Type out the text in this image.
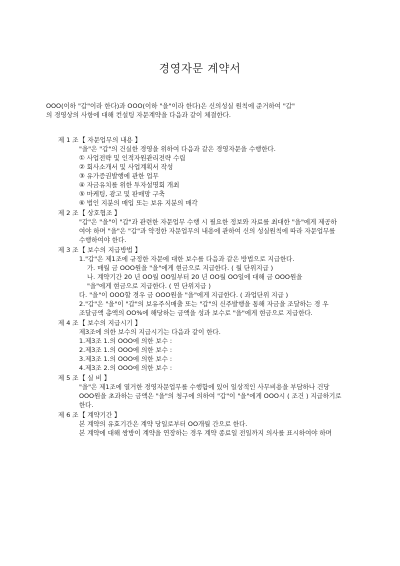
경영자문 계약서

OOO(이하 "갑"이라 한다)과 OOO(이하 "을"이라 한다)은 신의성실 원칙에 준거하여 "갑"

의 경영상의 사항에 대해 컨설팅 자문계약을 다음과 같이 체결한다.

제 1 조 【 자문업무의 내용 】

"을"은 "갑"의 건실한 경영을 위하여 다음과 같은 경영자문을 수행한다.

① 사업전략 및 인적자원관리전략 수립

② 회사소개서 및 사업계획서 작성

③ 유가증권발행에 관한 업무

④ 자금유치를 위한 투자설명회 개최

⑤ 마케팅, 광고 및 판매망 구축

⑥ 법인 지분의 매입 또는 보유 지분의 매각

제 2 조 【 상호협조 】

"갑"은 "을"이 "갑"과 관련한 자문업무 수행 시 필요한 정보와 자료를 최대한 "을"에게 제공하

여야 하며 "을"은 "갑"과 약정한 자문업무의 내용에 관하여 신의 성실원칙에 따라 자문업무를

수행하여야 한다.

제 3 조 【 보수의 지급방법 】

1."갑"은 제1조에 규정한 자문에 대한 보수를 다음과 같은 방법으로 지급한다.

가. 매월 금 OOO원을 "을"에게 현금으로 지급한다. ( 월 단위지급 )

나. 계약기간 20 년 OO월 OO일부터 20 년 OO월 OO일에 대해 금 OOO원을

"을"에게 현금으로 지급한다. ( 연 단위지급 )

다. "을"이 OOO할 경우 금 OOO원을 "을"에게 지급한다. ( 과업단위 지급 )

2."갑"은 "을"이 "갑"의 보유주식매출 또는 "갑"의 신주발행을 통해 자금을 조달하는 경 우

조달금액 총액의 OO%에 해당하는 금액을 성과 보수로 "을"에게 현금으로 지급한다.

제 4 조 【 보수의 지급시기 】

제3조에 의한 보수의 지급시기는 다음과 같이 한다.

1.제3조 1.의 OOO에 의한 보수 :

2.제3조 1.의 OOO에 의한 보수 :

3.제3조 1.의 OOO에 의한 보수 :

4.제3조 2.의 OOO에 의한 보수 :

제 5 조 【 실 비 】

"을"은 제1조에 열거한 경영자문업무를 수행함에 있어 일상적인 사무비용을 부담하나 건당

OOO원을 초과하는 금액은 "을"의 청구에 의하여 "갑"이 "을"에게 OOO시 ( 조건 ) 지급하기로

한다.

제 6 조 【 계약기간 】

본 계약의 유효기간은 계약 당일로부터 OO개월 간으로 한다.

본 계약에 대해 쌍방이 계약을 연장하는 경우 계약 종료일 전일까지 의사를 표시하여야 하며
